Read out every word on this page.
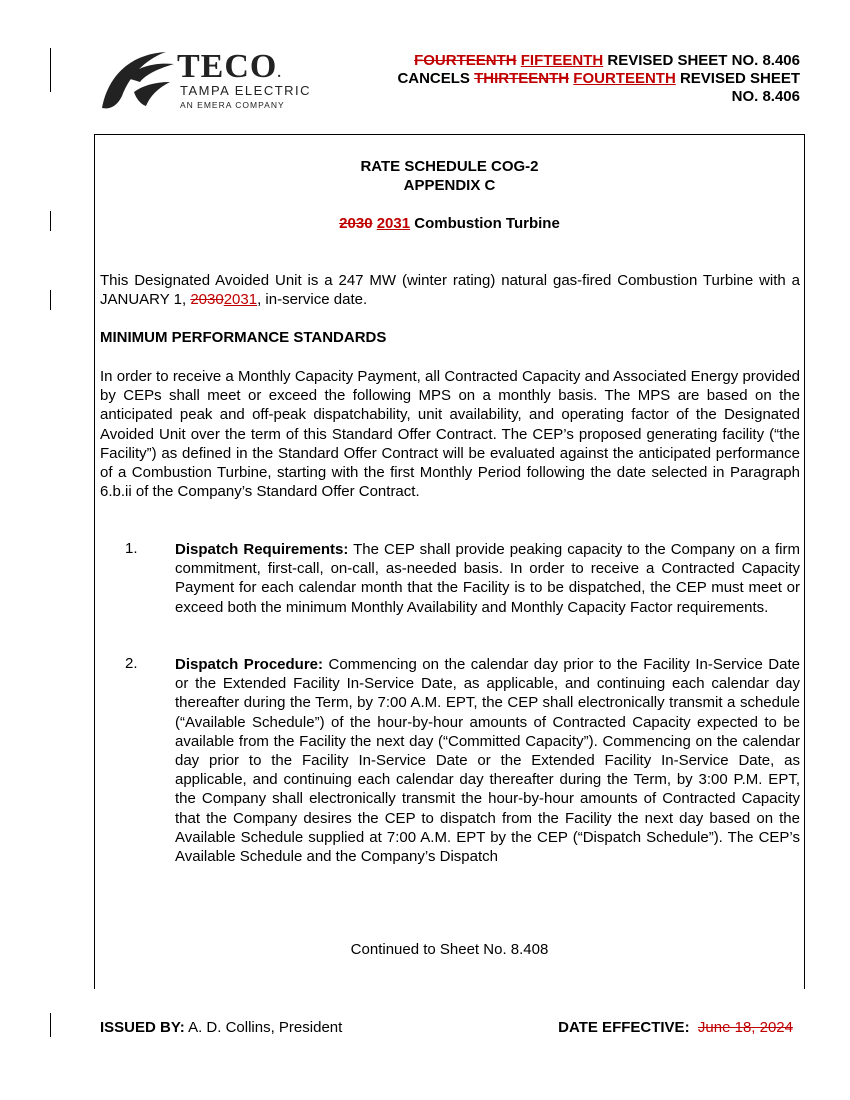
TECO.
TAMPA ELECTRIC
AN EMERA COMPANY
FOURTEENTH FIFTEENTH REVISED SHEET NO. 8.406
CANCELS THIRTEENTH FOURTEENTH REVISED SHEET
NO. 8.406
RATE SCHEDULE COG-2
APPENDIX C
2030 2031 Combustion Turbine
This Designated Avoided Unit is a 247 MW (winter rating) natural gas-fired Combustion Turbine with a JANUARY 1, 20302031, in-service date.
MINIMUM PERFORMANCE STANDARDS
In order to receive a Monthly Capacity Payment, all Contracted Capacity and Associated Energy provided by CEPs shall meet or exceed the following MPS on a monthly basis. The MPS are based on the anticipated peak and off-peak dispatchability, unit availability, and operating factor of the Designated Avoided Unit over the term of this Standard Offer Contract. The CEP’s proposed generating facility (“the Facility”) as defined in the Standard Offer Contract will be evaluated against the anticipated performance of a Combustion Turbine, starting with the first Monthly Period following the date selected in Paragraph 6.b.ii of the Company’s Standard Offer Contract.
1. Dispatch Requirements: The CEP shall provide peaking capacity to the Company on a firm commitment, first-call, on-call, as-needed basis. In order to receive a Contracted Capacity Payment for each calendar month that the Facility is to be dispatched, the CEP must meet or exceed both the minimum Monthly Availability and Monthly Capacity Factor requirements.
2. Dispatch Procedure: Commencing on the calendar day prior to the Facility In-Service Date or the Extended Facility In-Service Date, as applicable, and continuing each calendar day thereafter during the Term, by 7:00 A.M. EPT, the CEP shall electronically transmit a schedule (“Available Schedule”) of the hour-by-hour amounts of Contracted Capacity expected to be available from the Facility the next day (“Committed Capacity”). Commencing on the calendar day prior to the Facility In-Service Date or the Extended Facility In-Service Date, as applicable, and continuing each calendar day thereafter during the Term, by 3:00 P.M. EPT, the Company shall electronically transmit the hour-by-hour amounts of Contracted Capacity that the Company desires the CEP to dispatch from the Facility the next day based on the Available Schedule supplied at 7:00 A.M. EPT by the CEP (“Dispatch Schedule”). The CEP’s Available Schedule and the Company’s Dispatch
Continued to Sheet No. 8.408
ISSUED BY: A. D. Collins, President	DATE EFFECTIVE: June 18, 2024
